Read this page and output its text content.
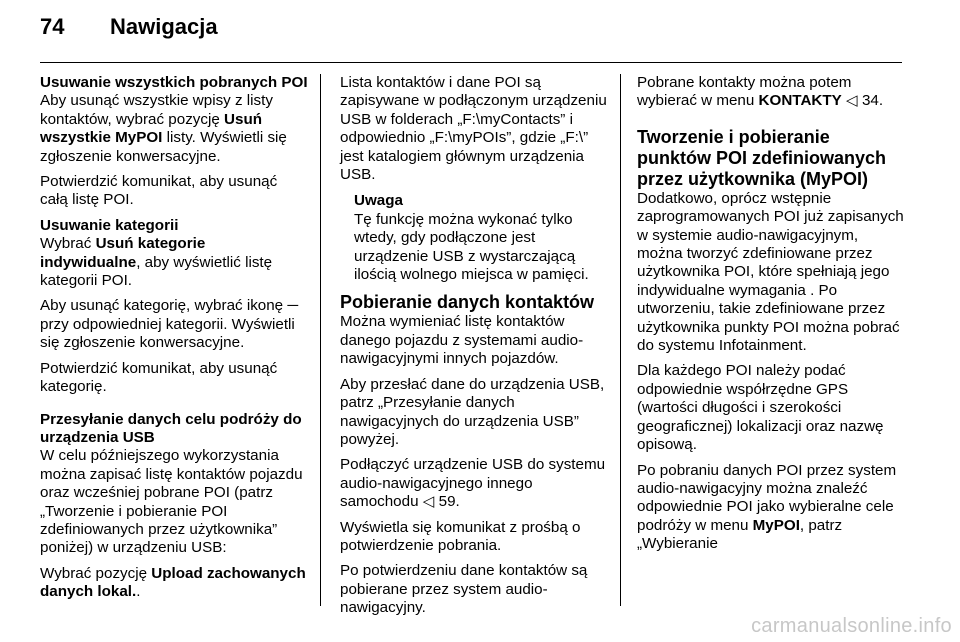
74 Nawigacja
Usuwanie wszystkich pobranych POI
Aby usunąć wszystkie wpisy z listy kontaktów, wybrać pozycję Usuń wszystkie MyPOI listy. Wyświetli się zgłoszenie konwersacyjne.
Potwierdzić komunikat, aby usunąć całą listę POI.
Usuwanie kategorii
Wybrać Usuń kategorie indywidualne, aby wyświetlić listę kategorii POI.
Aby usunąć kategorię, wybrać ikonę ─ przy odpowiedniej kategorii. Wyświetli się zgłoszenie konwersacyjne.
Potwierdzić komunikat, aby usunąć kategorię.
Przesyłanie danych celu podróży do urządzenia USB
W celu późniejszego wykorzystania można zapisać listę kontaktów pojazdu oraz wcześniej pobrane POI (patrz „Tworzenie i pobieranie POI zdefiniowanych przez użytkownika” poniżej) w urządzeniu USB:
Wybrać pozycję Upload zachowanych danych lokal..
Lista kontaktów i dane POI są zapisywane w podłączonym urządzeniu USB w folderach „F:\myContacts” i odpowiednio „F:\myPOIs”, gdzie „F:\” jest katalogiem głównym urządzenia USB.
Uwaga
Tę funkcję można wykonać tylko wtedy, gdy podłączone jest urządzenie USB z wystarczającą ilością wolnego miejsca w pamięci.
Pobieranie danych kontaktów
Można wymieniać listę kontaktów danego pojazdu z systemami audio-nawigacyjnymi innych pojazdów.
Aby przesłać dane do urządzenia USB, patrz „Przesyłanie danych nawigacyjnych do urządzenia USB” powyżej.
Podłączyć urządzenie USB do systemu audio-nawigacyjnego innego samochodu ◁ 59.
Wyświetla się komunikat z prośbą o potwierdzenie pobrania.
Po potwierdzeniu dane kontaktów są pobierane przez system audio-nawigacyjny.
Pobrane kontakty można potem wybierać w menu KONTAKTY ◁ 34.
Tworzenie i pobieranie punktów POI zdefiniowanych przez użytkownika (MyPOI)
Dodatkowo, oprócz wstępnie zaprogramowanych POI już zapisanych w systemie audio-nawigacyjnym, można tworzyć zdefiniowane przez użytkownika POI, które spełniają jego indywidualne wymagania . Po utworzeniu, takie zdefiniowane przez użytkownika punkty POI można pobrać do systemu Infotainment.
Dla każdego POI należy podać odpowiednie współrzędne GPS (wartości długości i szerokości geograficznej) lokalizacji oraz nazwę opisową.
Po pobraniu danych POI przez system audio-nawigacyjny można znaleźć odpowiednie POI jako wybieralne cele podróży w menu MyPOI, patrz „Wybieranie
carmanualsonline.info
